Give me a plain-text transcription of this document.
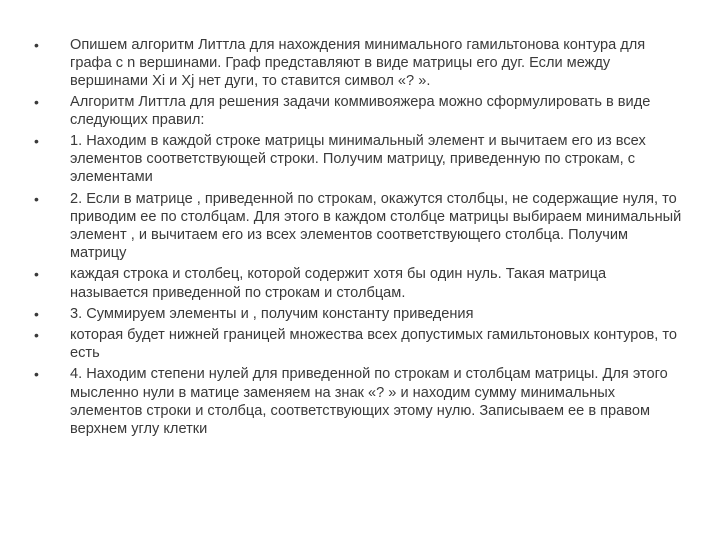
• Опишем алгоритм Литтла для нахождения минимального гамильтонова контура для графа с n вершинами. Граф представляют в виде матрицы его дуг. Если между вершинами Xi и Xj нет дуги, то ставится символ «? ».
• Алгоритм Литтла для решения задачи коммивояжера можно сформулировать в виде следующих правил:
• 1. Находим в каждой строке матрицы минимальный элемент и вычитаем его из всех элементов соответствующей строки. Получим матрицу, приведенную по строкам, с элементами
• 2. Если в матрице , приведенной по строкам, окажутся столбцы, не содержащие нуля, то приводим ее по столбцам. Для этого в каждом столбце матрицы выбираем минимальный элемент , и вычитаем его из всех элементов соответствующего столбца. Получим матрицу
• каждая строка и столбец, которой содержит хотя бы один нуль. Такая матрица называется приведенной по строкам и столбцам.
• 3. Суммируем элементы и , получим константу приведения
• которая будет нижней границей множества всех допустимых гамильтоновых контуров, то есть
• 4. Находим степени нулей для приведенной по строкам и столбцам матрицы. Для этого мысленно нули в матице заменяем на знак «? » и находим сумму минимальных элементов строки и столбца, соответствующих этому нулю. Записываем ее в правом верхнем углу клетки
